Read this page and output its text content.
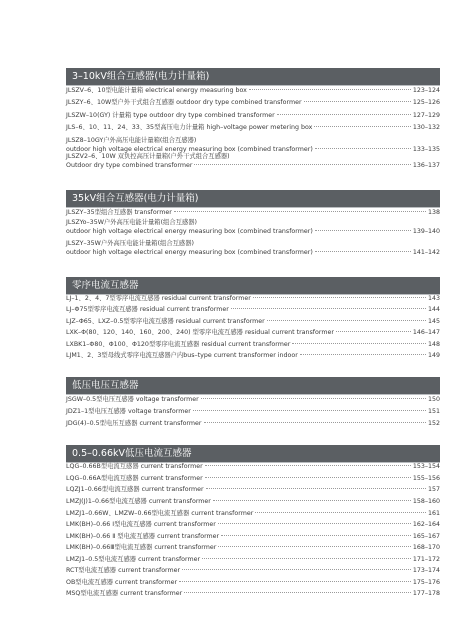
3–10kV组合互感器(电力计量箱)
JLSZV–6、10型电能计量箱 electrical energy measuring box	123–124
JLSZY–6、10W型户外干式组合互感器 outdoor dry type combined transformer	125–126
JLSZW–10(GY) 计量箱 type outdoor dry type combined transformer	127–129
JLS–6、10、11、24、33、35型高压电力计量箱 high–voltage power metering box	130–132
JLSZ8–10GY户外高压电能计量箱(组合互感器)
outdoor high voltage electrical energy measuring box (combined transformer)	133–135
JLSZV2–6、10W 双负控高压计量箱(户外干式组合互感器)
Outdoor dry type combined transformer	136–137
35kV组合互感器(电力计量箱)
JLSZY–35型组合互感器 transformer	138
JLSZYo–35W户外高压电能计量箱(组合互感器)
outdoor high voltage electrical energy measuring box (combined transformer)	139–140
JLSZY–35W户外高压电能计量箱(组合互感器)
outdoor high voltage electrical energy measuring box (combined transformer)	141–142
零序电流互感器
LJ–1、2、4、7型零序电流互感器 residual current transformer	143
LJ–Φ75型零序电流互感器 residual current transformer	144
LJZ–Φ65、LXZ–0.5型零序电流互感器 residual current transformer	145
LXK–Φ(80、120、140、160、200、240) 型零序电流互感器 residual current transformer	146–147
LXBK1–Φ80、Φ100、Φ120型零序电流互感器 residual current transformer	148
LJM1、2、3型母线式零序电流互感器户内bus–type current transformer indoor	149
低压电压互感器
JSGW–0.5型电压互感器 voltage transformer	150
JDZ1–1型电压互感器 voltage transformer	151
JDG(4)–0.5型电压互感器 current transformer	152
0.5–0.66kV低压电流互感器
LQG–0.66B型电流互感器 current transformer	153–154
LQG–0.66A型电流互感器 current transformer	155–156
LQZJ1–0.66型电流互感器 current transformer	157
LMZJ(J)1–0.66型电流互感器 current transformer	158–160
LMZJ1–0.66W、LMZW–0.66型电流互感器 current transformer	161
LMK(BH)–0.66 Ⅰ型电流互感器 current transformer	162–164
LMK(BH)–0.66 Ⅱ 型电流互感器 current transformer	165–167
LMK(BH)–0.66Ⅲ型电流互感器 current transformer	168–170
LMZJ1–0.5型电流互感器 current transformer	171–172
RCT型电流互感器 current transformer	173–174
OB型电流互感器 current transformer	175–176
MSQ型电流互感器 current transformer	177–178
